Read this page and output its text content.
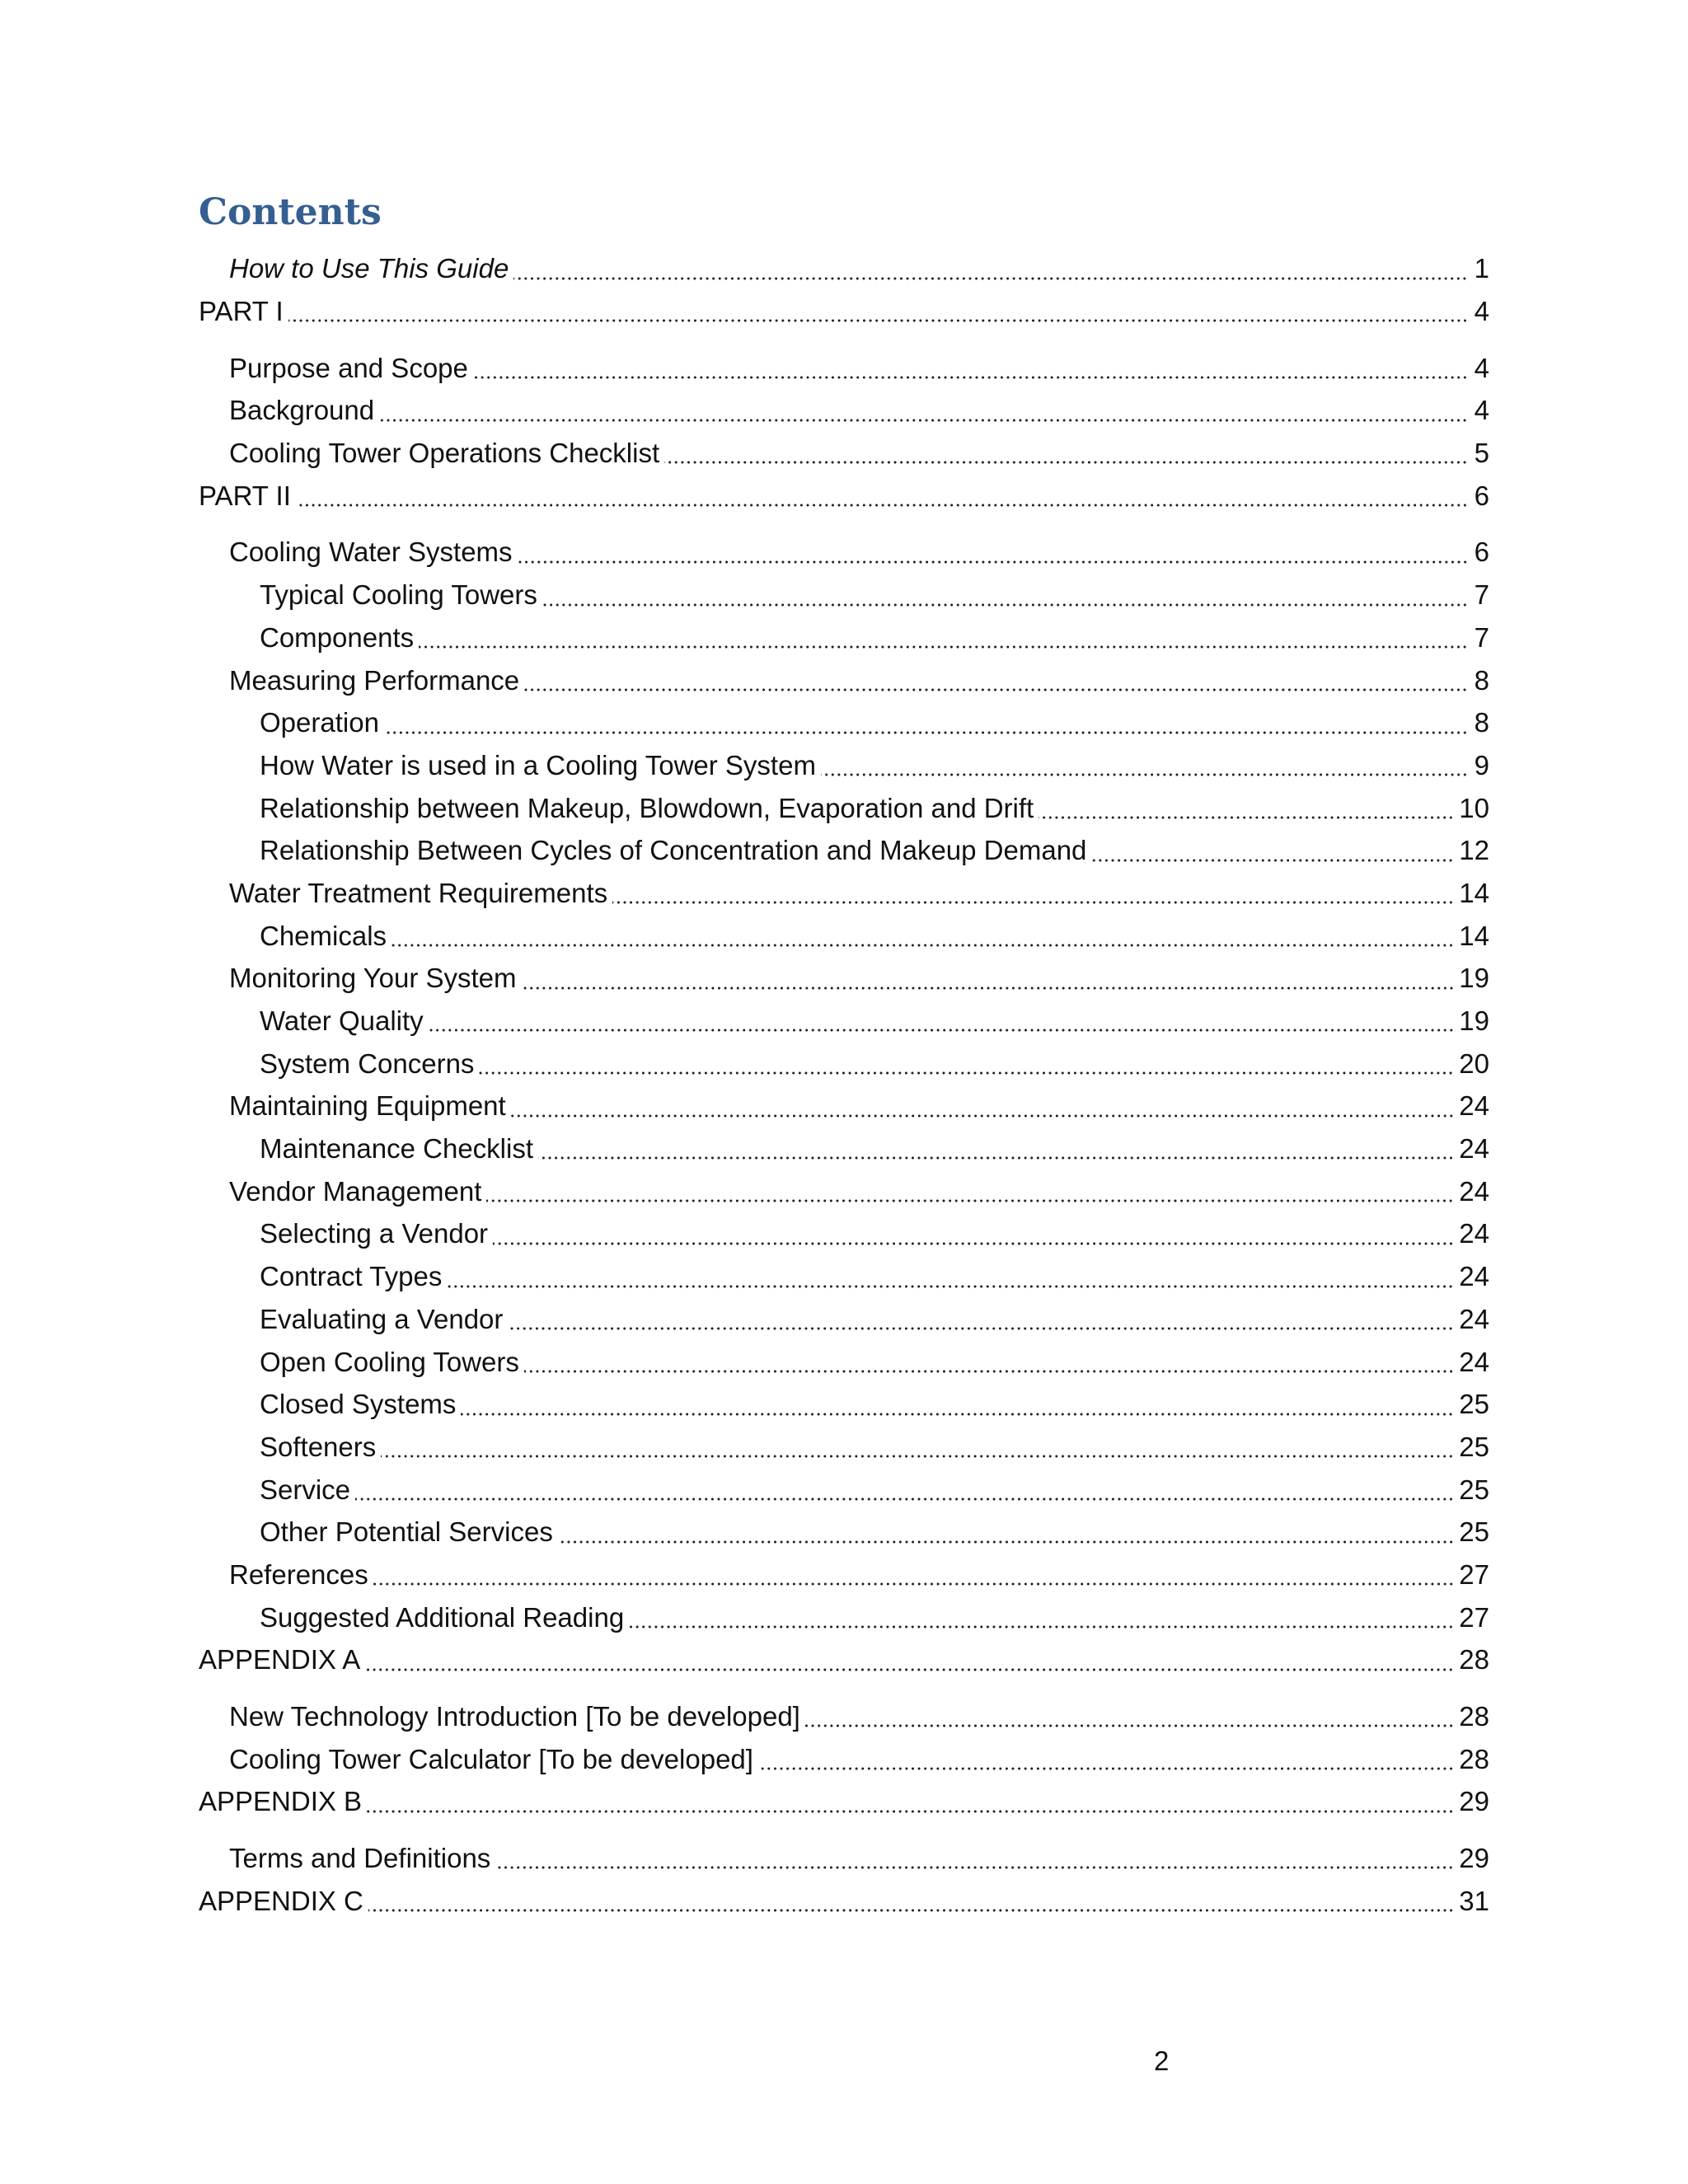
Contents
How to Use This Guide	1
PART I	4
Purpose and Scope	4
Background	4
Cooling Tower Operations Checklist	5
PART II	6
Cooling Water Systems	6
Typical Cooling Towers	7
Components	7
Measuring Performance	8
Operation	8
How Water is used in a Cooling Tower System	9
Relationship between Makeup, Blowdown, Evaporation and Drift	10
Relationship Between Cycles of Concentration and Makeup Demand	12
Water Treatment Requirements	14
Chemicals	14
Monitoring Your System	19
Water Quality	19
System Concerns	20
Maintaining Equipment	24
Maintenance Checklist	24
Vendor Management	24
Selecting a Vendor	24
Contract Types	24
Evaluating a Vendor	24
Open Cooling Towers	24
Closed Systems	25
Softeners	25
Service	25
Other Potential Services	25
References	27
Suggested Additional Reading	27
APPENDIX A	28
New Technology Introduction [To be developed]	28
Cooling Tower Calculator [To be developed]	28
APPENDIX B	29
Terms and Definitions	29
APPENDIX C	31
2
